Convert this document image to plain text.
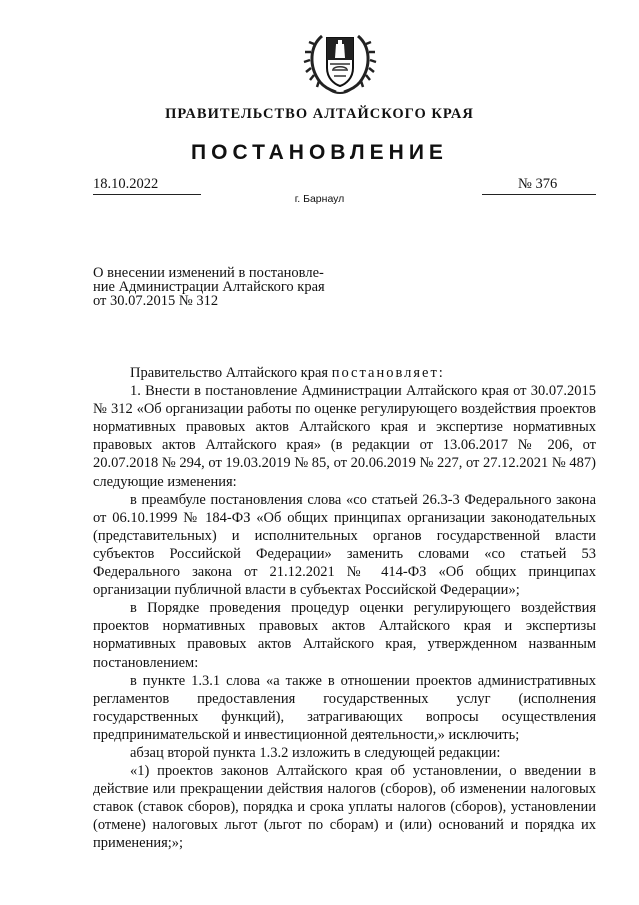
ПРАВИТЕЛЬСТВО АЛТАЙСКОГО КРАЯ
ПОСТАНОВЛЕНИЕ
18.10.2022	№ 376
г. Барнаул
О внесении изменений в постановле-
ние Администрации Алтайского края
от 30.07.2015 № 312

Правительство Алтайского края постановляет:

1. Внести в постановление Администрации Алтайского края от 30.07.2015 № 312 «Об организации работы по оценке регулирующего воздействия проектов нормативных правовых актов Алтайского края и экспертизе нормативных правовых актов Алтайского края» (в редакции от 13.06.2017 № 206, от 20.07.2018 № 294, от 19.03.2019 № 85, от 20.06.2019 № 227, от 27.12.2021 № 487) следующие изменения:

в преамбуле постановления слова «со статьей 26.3-3 Федерального закона от 06.10.1999 № 184-ФЗ «Об общих принципах организации законодательных (представительных) и исполнительных органов государственной власти субъектов Российской Федерации» заменить словами «со статьей 53 Федерального закона от 21.12.2021 № 414-ФЗ «Об общих принципах организации публичной власти в субъектах Российской Федерации»;

в Порядке проведения процедур оценки регулирующего воздействия проектов нормативных правовых актов Алтайского края и экспертизы нормативных правовых актов Алтайского края, утвержденном названным постановлением:

в пункте 1.3.1 слова «а также в отношении проектов административных регламентов предоставления государственных услуг (исполнения государственных функций), затрагивающих вопросы осуществления предпринимательской и инвестиционной деятельности,» исключить;

абзац второй пункта 1.3.2 изложить в следующей редакции:

«1) проектов законов Алтайского края об установлении, о введении в действие или прекращении действия налогов (сборов), об изменении налоговых ставок (ставок сборов), порядка и срока уплаты налогов (сборов), установлении (отмене) налоговых льгот (льгот по сборам) и (или) оснований и порядка их применения;»;
